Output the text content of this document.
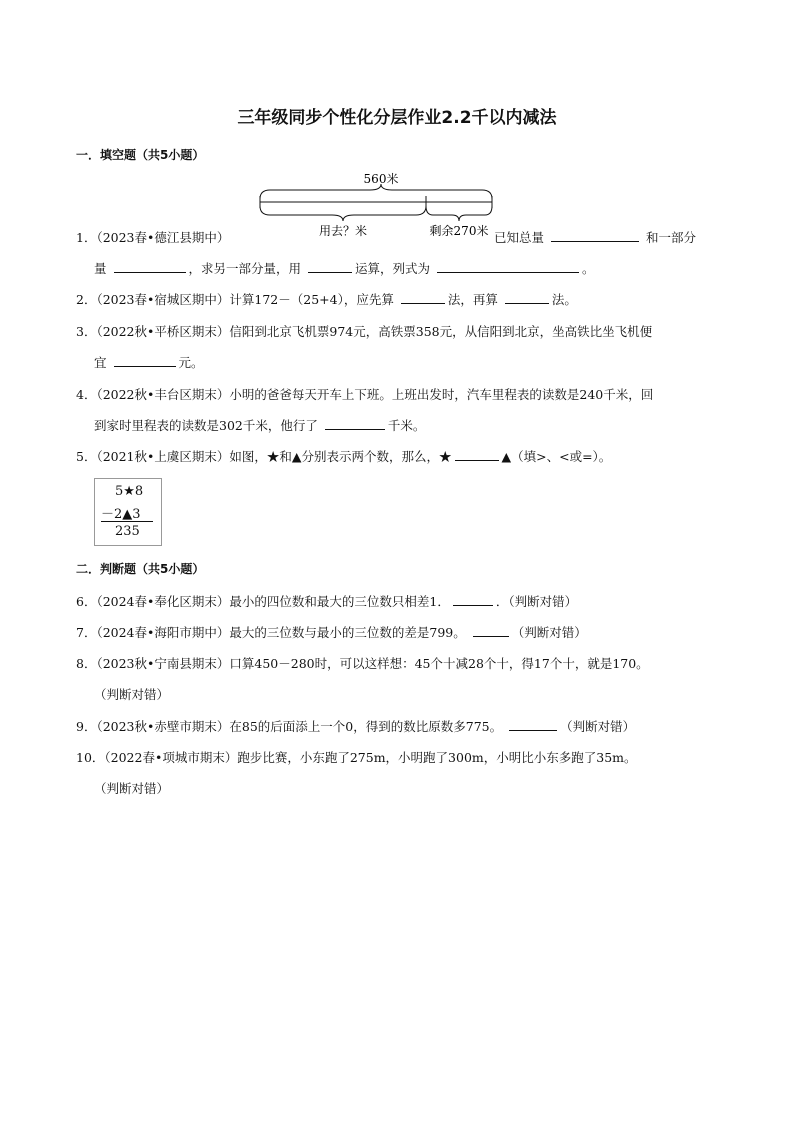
三年级同步个性化分层作业2.2千以内减法
一．填空题（共5小题）
560米
用去？米	剩余270米
1．（2023春•德江县期中）	已知总量	和一部分
量	，求另一部分量，用	运算，列式为	。
2．（2023春•宿城区期中）计算172－（25+4），应先算	法，再算	法。
3．（2022秋•平桥区期末）信阳到北京飞机票974元，高铁票358元，从信阳到北京，坐高铁比坐飞机便
宜	元。
4．（2022秋•丰台区期末）小明的爸爸每天开车上下班。上班出发时，汽车里程表的读数是240千米，回
到家时里程表的读数是302千米，他行了	千米。
5．（2021秋•上虞区期末）如图，★和▲分别表示两个数，那么，★	▲（填>、<或=）。
5★8
－2▲3
235
二．判断题（共5小题）
6．（2024春•奉化区期末）最小的四位数和最大的三位数只相差1．	．（判断对错）
7．（2024春•海阳市期中）最大的三位数与最小的三位数的差是799。	（判断对错）
8．（2023秋•宁南县期末）口算450－280时，可以这样想：45个十减28个十，得17个十，就是170。
（判断对错）
9．（2023秋•赤壁市期末）在85的后面添上一个0，得到的数比原数多775。	（判断对错）
10．（2022春•项城市期末）跑步比赛，小东跑了275m，小明跑了300m，小明比小东多跑了35m。
（判断对错）
